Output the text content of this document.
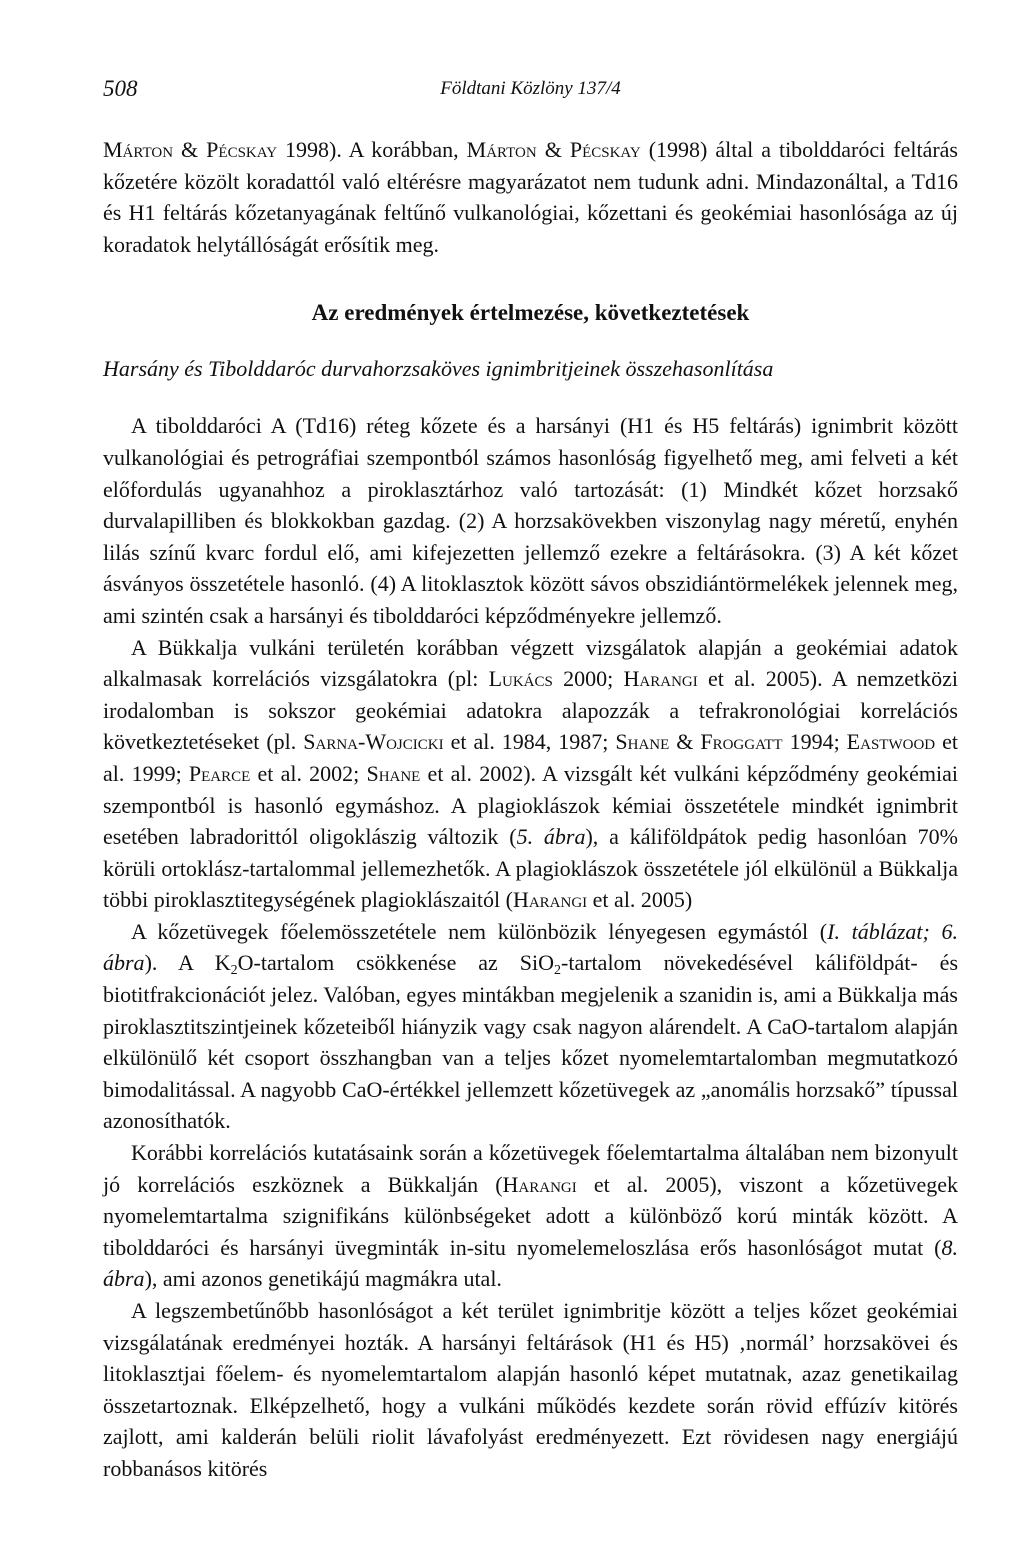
508	Földtani Közlöny 137/4

Márton & Pécskay 1998). A korábban, Márton & Pécskay (1998) által a tibolddaróci feltárás kőzetére közölt koradattól való eltérésre magyarázatot nem tudunk adni. Mindazonáltal, a Td16 és H1 feltárás kőzetanyagának feltűnő vulkanológiai, kőzettani és geokémiai hasonlósága az új koradatok helytállóságát erősítik meg.

Az eredmények értelmezése, következtetések
Harsány és Tibolddaróc durvahorzsaköves ignimbritjeinek összehasonlítása

A tibolddaróci A (Td16) réteg kőzete és a harsányi (H1 és H5 feltárás) ignimbrit között vulkanológiai és petrográfiai szempontból számos hasonlóság figyelhető meg, ami felveti a két előfordulás ugyanahhoz a piroklasztárhoz való tartozását: (1) Mindkét kőzet horzsakő durvalapilliben és blokkokban gazdag. (2) A horzsakövekben viszonylag nagy méretű, enyhén lilás színű kvarc fordul elő, ami kifejezetten jellemző ezekre a feltárásokra. (3) A két kőzet ásványos összetétele hasonló. (4) A litoklasztok között sávos obszidiántörmelékek jelennek meg, ami szintén csak a harsányi és tibolddaróci képződményekre jellemző.

A Bükkalja vulkáni területén korábban végzett vizsgálatok alapján a geokémiai adatok alkalmasak korrelációs vizsgálatokra (pl: Lukács 2000; Harangi et al. 2005). A nemzetközi irodalomban is sokszor geokémiai adatokra alapozzák a tefrakronológiai korrelációs következtetéseket (pl. Sarna-Wojcicki et al. 1984, 1987; Shane & Froggatt 1994; Eastwood et al. 1999; Pearce et al. 2002; Shane et al. 2002). A vizsgált két vulkáni képződmény geokémiai szempontból is hasonló egymáshoz. A plagioklászok kémiai összetétele mindkét ignimbrit esetében labradorittól oligoklászig változik (5. ábra), a káliföldpátok pedig hasonlóan 70% körüli ortoklász-tartalommal jellemezhetők. A plagioklászok összetétele jól elkülönül a Bükkalja többi piroklasztitegységének plagioklászaitól (Harangi et al. 2005)

A kőzetüvegek főelemösszetétele nem különbözik lényegesen egymástól (I. táblázat; 6. ábra). A $K_2O$-tartalom csökkenése az SiO$_2$-tartalom növekedésével káliföldpát- és biotitfrakcionációt jelez. Valóban, egyes mintákban megjelenik a szanidin is, ami a Bükkalja más piroklasztitszintjeinek kőzeteiből hiányzik vagy csak nagyon alárendelt. A CaO-tartalom alapján elkülönülő két csoport összhangban van a teljes kőzet nyomelemtartalomban megmutatkozó bimodalitással. A nagyobb CaO-értékkel jellemzett kőzetüvegek az „anomális horzsakő” típussal azonosíthatók.

Korábbi korrelációs kutatásaink során a kőzetüvegek főelemtartalma általában nem bizonyult jó korrelációs eszköznek a Bükkalján (Harangi et al. 2005), viszont a kőzetüvegek nyomelemtartalma szignifikáns különbségeket adott a különböző korú minták között. A tibolddaróci és harsányi üvegminták in-situ nyomelemeloszlása erős hasonlóságot mutat (8. ábra), ami azonos genetikájú magmákra utal.

A legszembetűnőbb hasonlóságot a két terület ignimbritje között a teljes kőzet geokémiai vizsgálatának eredményei hozták. A harsányi feltárások (H1 és H5) ‚normál’ horzsakövei és litoklasztjai főelem- és nyomelemtartalom alapján hasonló képet mutatnak, azaz genetikailag összetartoznak. Elképzelhető, hogy a vulkáni működés kezdete során rövid effúzív kitörés zajlott, ami kalderán belüli riolit lávafolyást eredményezett. Ezt rövidesen nagy energiájú robbanásos kitörés
